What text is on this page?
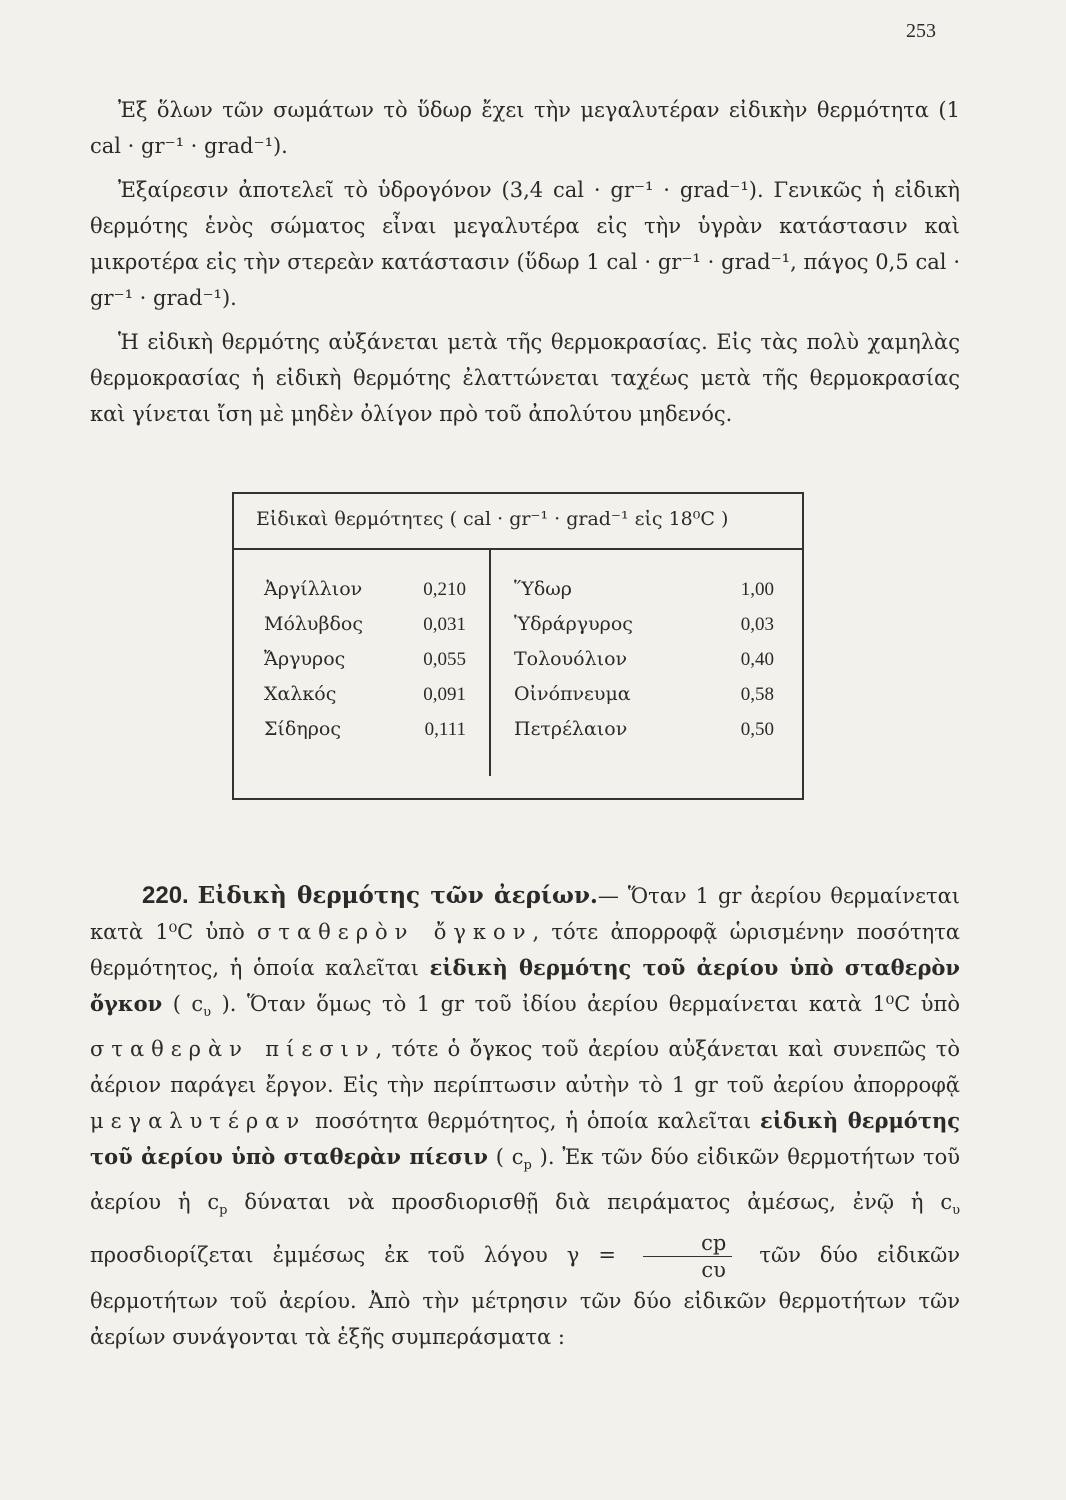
253

Ἐξ ὅλων τῶν σωμάτων τὸ ὕδωρ ἔχει τὴν μεγαλυτέραν εἰδικὴν θερμότητα (1 cal · gr⁻¹ · grad⁻¹).

Ἐξαίρεσιν ἀποτελεῖ τὸ ὑδρογόνον (3,4 cal · gr⁻¹ · grad⁻¹). Γενικῶς ἡ εἰδικὴ θερμότης ἑνὸς σώματος εἶναι μεγαλυτέρα εἰς τὴν ὑγρὰν κατάστασιν καὶ μικροτέρα εἰς τὴν στερεὰν κατάστασιν (ὕδωρ 1 cal · gr⁻¹ · grad⁻¹, πάγος 0,5 cal · gr⁻¹ · grad⁻¹).

Ἡ εἰδικὴ θερμότης αὐξάνεται μετὰ τῆς θερμοκρασίας. Εἰς τὰς πολὺ χαμηλὰς θερμοκρασίας ἡ εἰδικὴ θερμότης ἐλαττώνεται ταχέως μετὰ τῆς θερμοκρασίας καὶ γίνεται ἴση μὲ μηδὲν ὀλίγον πρὸ τοῦ ἀπολύτου μηδενός.

Εἰδικαὶ θερμότητες ( cal · gr⁻¹ · grad⁻¹ εἰς 18⁰C )
Ἀργίλλιον	0,210
Μόλυβδος	0,031
Ἄργυρος	0,055
Χαλκός	0,091
Σίδηρος	0,111
Ὕδωρ	1,00
Ὑδράργυρος	0,03
Τολουόλιον	0,40
Οἰνόπνευμα	0,58
Πετρέλαιον	0,50

220. Εἰδικὴ θερμότης τῶν ἀερίων.— Ὅταν 1 gr ἀερίου θερμαίνεται κατὰ 1⁰C ὑπὸ σταθερὸν ὄγκον, τότε ἀπορροφᾷ ὡρισμένην ποσότητα θερμότητος, ἡ ὁποία καλεῖται εἰδικὴ θερμότης τοῦ ἀερίου ὑπὸ σταθερὸν ὄγκον ( $c_\upsilon$ ). Ὅταν ὅμως τὸ 1 gr τοῦ ἰδίου ἀερίου θερμαίνεται κατὰ 1⁰C ὑπὸ σταθερὰν πίεσιν, τότε ὁ ὄγκος τοῦ ἀερίου αὐξάνεται καὶ συνεπῶς τὸ ἀέριον παράγει ἔργον. Εἰς τὴν περίπτωσιν αὐτὴν τὸ 1 gr τοῦ ἀερίου ἀπορροφᾷ μεγαλυτέραν ποσότητα θερμότητος, ἡ ὁποία καλεῖται εἰδικὴ θερμότης τοῦ ἀερίου ὑπὸ σταθερὰν πίεσιν ( $c_p$ ). Ἐκ τῶν δύο εἰδικῶν θερμοτήτων τοῦ ἀερίου ἡ $c_p$ δύναται νὰ προσδιορισθῇ διὰ πειράματος ἀμέσως, ἐνῷ ἡ $c_\upsilon$ προσδιορίζεται ἐμμέσως ἐκ τοῦ λόγου $\gamma = \frac{cp}{c\upsilon}$ τῶν δύο εἰδικῶν θερμοτήτων τοῦ ἀερίου. Ἀπὸ τὴν μέτρησιν τῶν δύο εἰδικῶν θερμοτήτων τῶν ἀερίων συνάγονται τὰ ἑξῆς συμπεράσματα :
